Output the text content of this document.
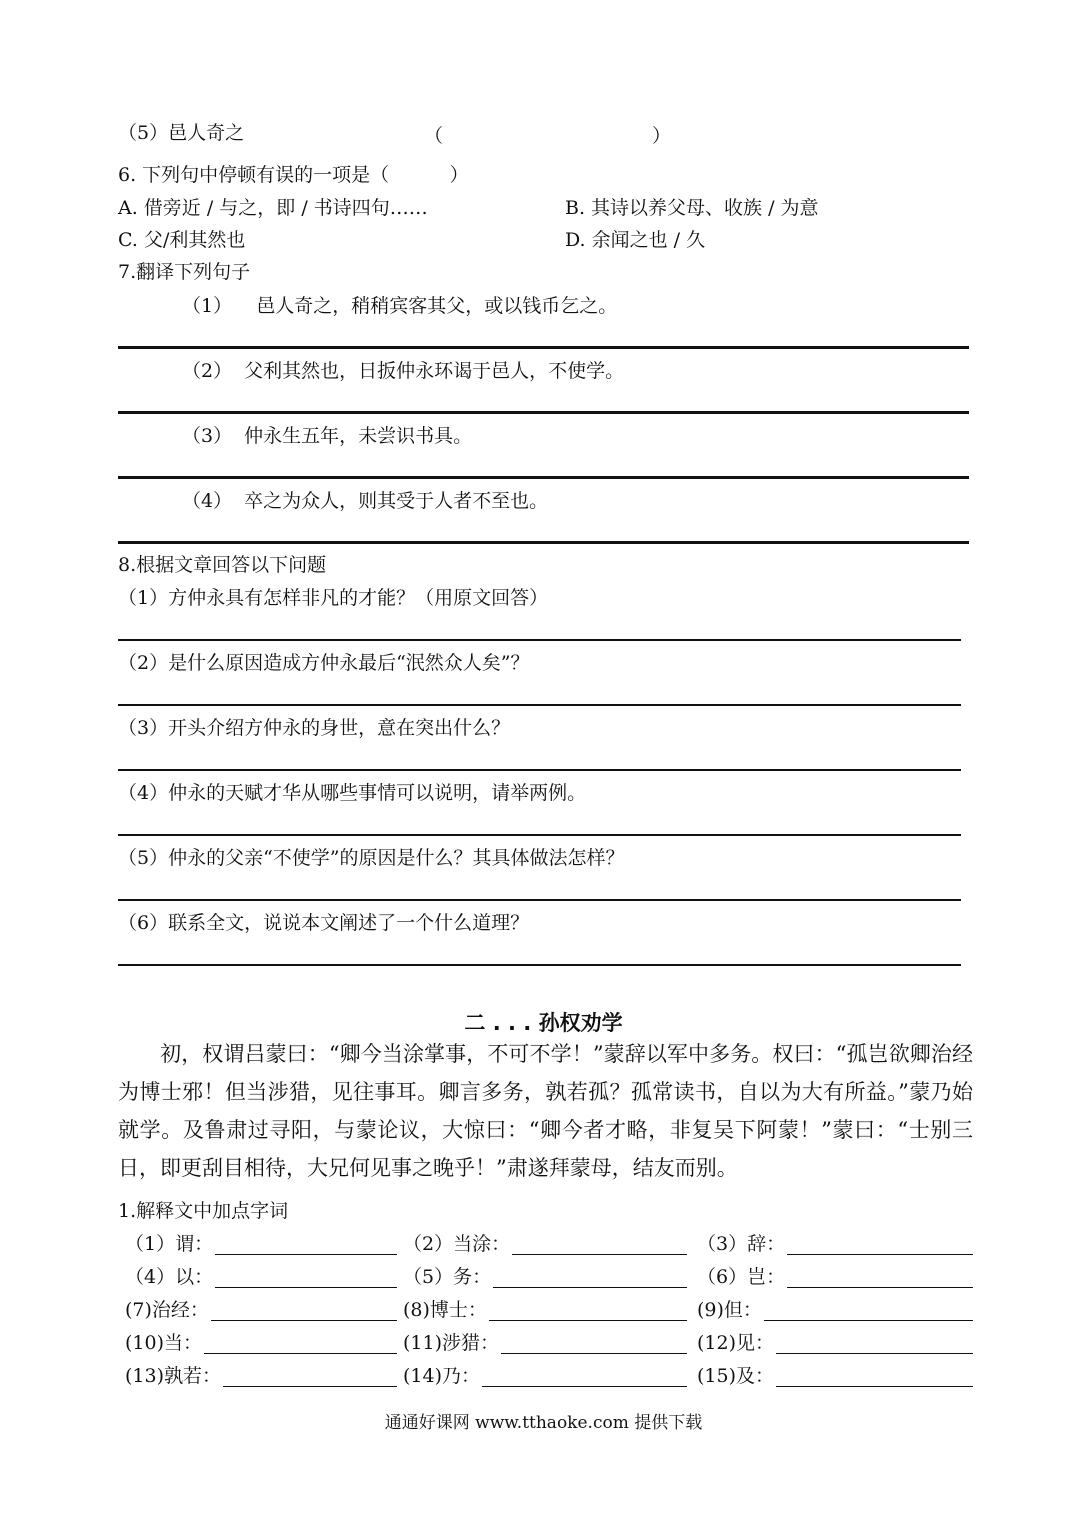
（5）邑人奇之	（	）
6. 下列句中停顿有误的一项是（          ）
A. 借旁近 / 与之，即 / 书诗四句……	B. 其诗以养父母、收族 / 为意
C. 父/利其然也	D. 余闻之也 / 久
7.翻译下列句子
（1）    邑人奇之，稍稍宾客其父，或以钱币乞之。
（2）  父利其然也，日扳仲永环谒于邑人，不使学。
（3）  仲永生五年，未尝识书具。
（4）  卒之为众人，则其受于人者不至也。
8.根据文章回答以下问题
（1）方仲永具有怎样非凡的才能？（用原文回答）
（2）是什么原因造成方仲永最后“泯然众人矣”？
（3）开头介绍方仲永的身世，意在突出什么？
（4）仲永的天赋才华从哪些事情可以说明，请举两例。
（5）仲永的父亲“不使学”的原因是什么？其具体做法怎样？
（6）联系全文，说说本文阐述了一个什么道理？
二 . . . 孙权劝学
初，权谓吕蒙曰：“卿今当涂掌事，不可不学！”蒙辞以军中多务。权曰：“孤岂欲卿治经为博士邪！但当涉猎，见往事耳。卿言多务，孰若孤？孤常读书，自以为大有所益。”蒙乃始就学。及鲁肃过寻阳，与蒙论议，大惊曰：“卿今者才略，非复吴下阿蒙！”蒙曰：“士别三日，即更刮目相待，大兄何见事之晚乎！”肃遂拜蒙母，结友而别。
1.解释文中加点字词
（1）谓：	（2）当涂：	（3）辞：
（4）以：	（5）务：	（6）岂：
(7)治经：	(8)博士：	(9)但：
(10)当：	(11)涉猎：	(12)见：
(13)孰若：	(14)乃：	(15)及：
通通好课网 www.tthaoke.com 提供下载
